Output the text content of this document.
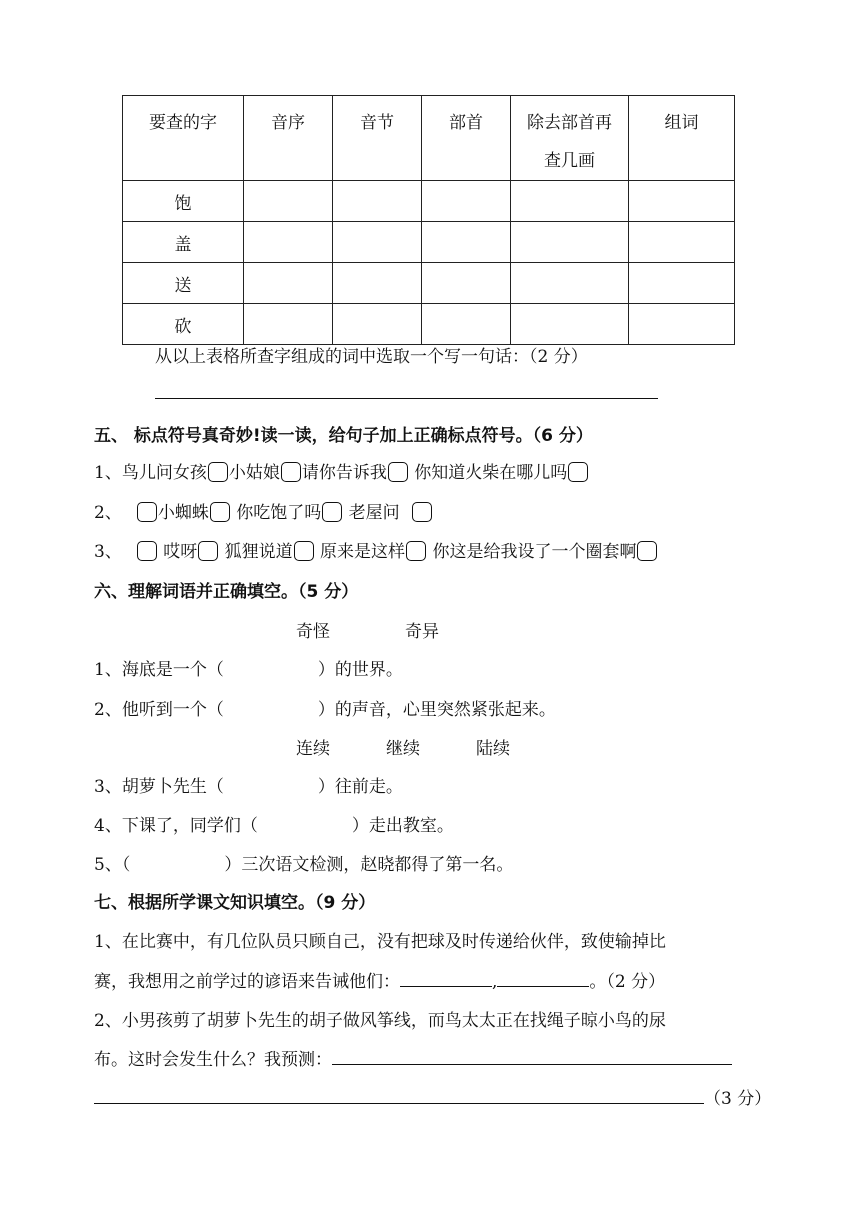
要查的字	音序	音节	部首	除去部首再
查几画	组词
饱					
盖					
送					
砍					
从以上表格所查字组成的词中选取一个写一句话：（2 分）
五、 标点符号真奇妙!读一读，给句子加上正确标点符号。（6 分）
1、鸟儿问女孩 小姑娘 请你告诉我 你知道火柴在哪儿吗
2、 小蜘蛛 你吃饱了吗 老屋问
3、 哎呀 狐狸说道 原来是这样 你这是给我设了一个圈套啊
六、理解词语并正确填空。（5 分）
奇怪	奇异
1、海底是一个（	）的世界。
2、他听到一个（	）的声音，心里突然紧张起来。
连续	继续	陆续
3、胡萝卜先生（	）往前走。
4、下课了，同学们（	）走出教室。
5、（	）三次语文检测，赵晓都得了第一名。
七、根据所学课文知识填空。（9 分）
1、在比赛中，有几位队员只顾自己，没有把球及时传递给伙伴，致使输掉比
赛，我想用之前学过的谚语来告诫他们：	,	。（2 分）
2、小男孩剪了胡萝卜先生的胡子做风筝线，而鸟太太正在找绳子晾小鸟的尿
布。这时会发生什么？我预测：
（3 分）
